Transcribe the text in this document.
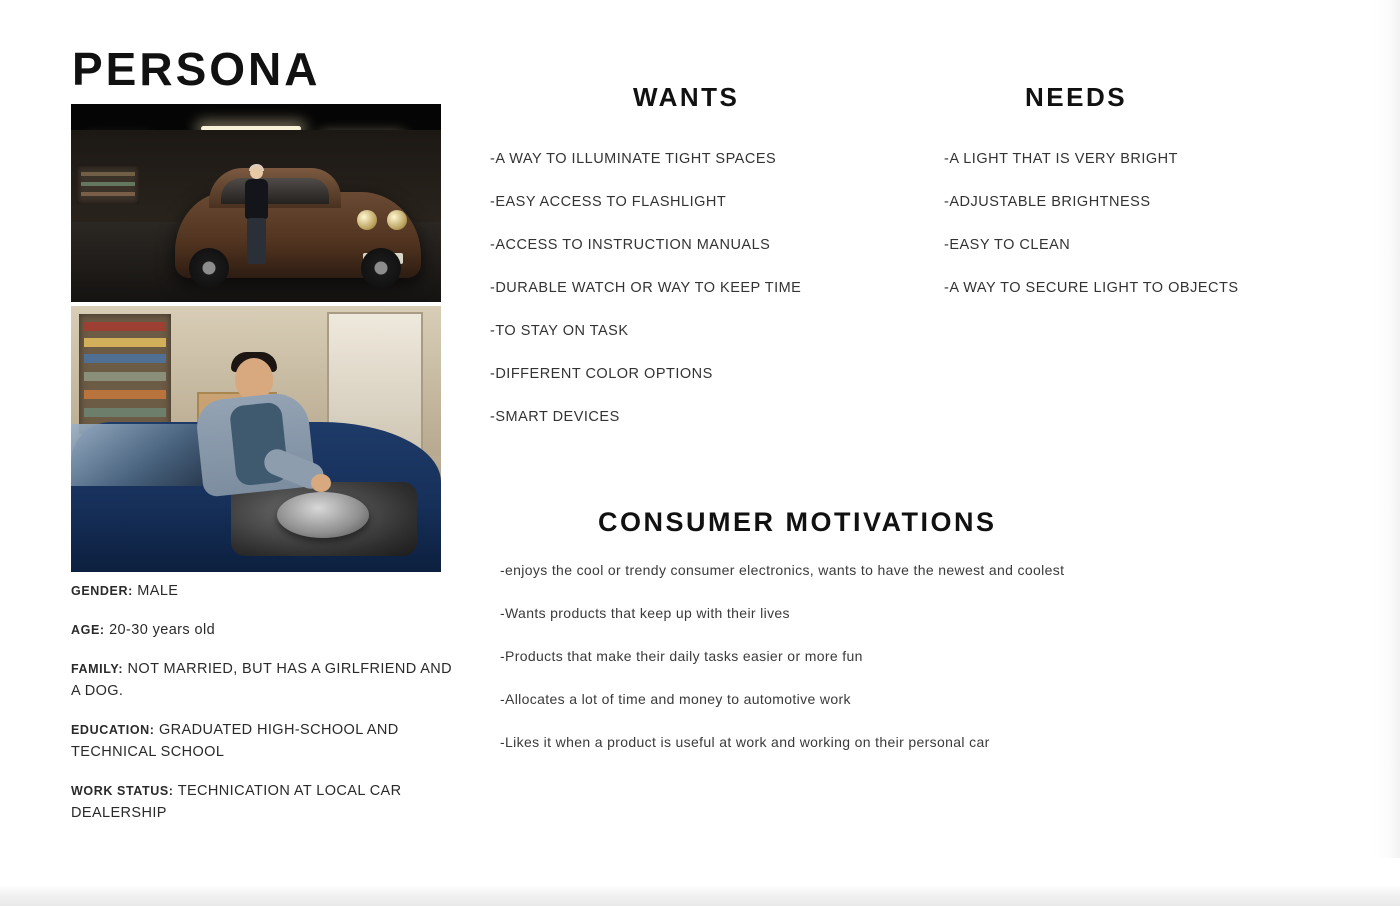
PERSONA
GENDER: MALE
AGE: 20-30 years old
FAMILY: NOT MARRIED, BUT HAS A GIRLFRIEND AND A DOG.
EDUCATION: GRADUATED HIGH-SCHOOL AND TECHNICAL SCHOOL
WORK STATUS: TECHNICATION AT LOCAL CAR DEALERSHIP
WANTS
-A WAY TO ILLUMINATE TIGHT SPACES
-EASY ACCESS TO FLASHLIGHT
-ACCESS TO INSTRUCTION MANUALS
-DURABLE WATCH OR WAY TO KEEP TIME
-TO STAY ON TASK
-DIFFERENT COLOR OPTIONS
-SMART DEVICES
NEEDS
-A LIGHT THAT IS VERY BRIGHT
-ADJUSTABLE BRIGHTNESS
-EASY TO CLEAN
-A WAY TO SECURE LIGHT TO OBJECTS
CONSUMER MOTIVATIONS
-enjoys the cool or trendy consumer electronics, wants to have the newest and coolest
-Wants products that keep up with their lives
-Products that make their daily tasks easier or more fun
-Allocates a lot of time and money to automotive work
-Likes it when a product is useful at work and working on their personal car
